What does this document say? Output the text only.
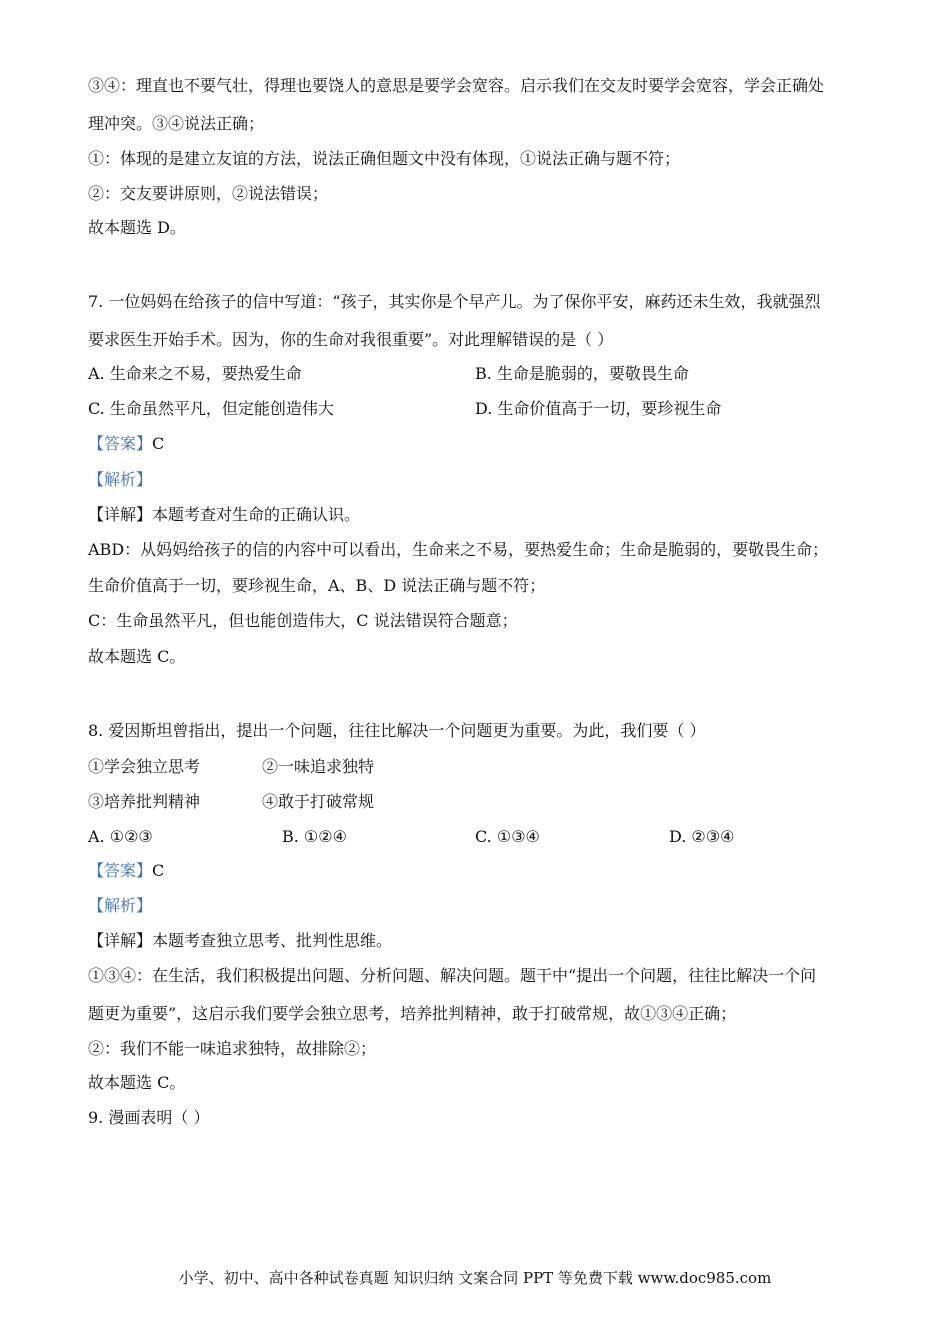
③④：理直也不要气壮，得理也要饶人的意思是要学会宽容。启示我们在交友时要学会宽容，学会正确处
理冲突。③④说法正确；
①：体现的是建立友谊的方法，说法正确但题文中没有体现，①说法正确与题不符；
②：交友要讲原则，②说法错误；
故本题选 D。
7. 一位妈妈在给孩子的信中写道：“孩子，其实你是个早产儿。为了保你平安，麻药还未生效，我就强烈
要求医生开始手术。因为，你的生命对我很重要”。对此理解错误的是（ ）
A. 生命来之不易，要热爱生命	B. 生命是脆弱的，要敬畏生命
C. 生命虽然平凡，但定能创造伟大	D. 生命价值高于一切，要珍视生命
【答案】C
【解析】
【详解】本题考查对生命的正确认识。
ABD：从妈妈给孩子的信的内容中可以看出，生命来之不易，要热爱生命；生命是脆弱的，要敬畏生命；
生命价值高于一切，要珍视生命，A、B、D 说法正确与题不符；
C：生命虽然平凡，但也能创造伟大，C 说法错误符合题意；
故本题选 C。
8. 爱因斯坦曾指出，提出一个问题，往往比解决一个问题更为重要。为此，我们要（ ）
①学会独立思考	②一味追求独特
③培养批判精神	④敢于打破常规
A. ①②③	B. ①②④	C. ①③④	D. ②③④
【答案】C
【解析】
【详解】本题考查独立思考、批判性思维。
①③④：在生活，我们积极提出问题、分析问题、解决问题。题干中“提出一个问题，往往比解决一个问
题更为重要”，这启示我们要学会独立思考，培养批判精神，敢于打破常规，故①③④正确；
②：我们不能一味追求独特，故排除②；
故本题选 C。
9. 漫画表明（ ）
小学、初中、高中各种试卷真题 知识归纳 文案合同 PPT 等免费下载 www.doc985.com
